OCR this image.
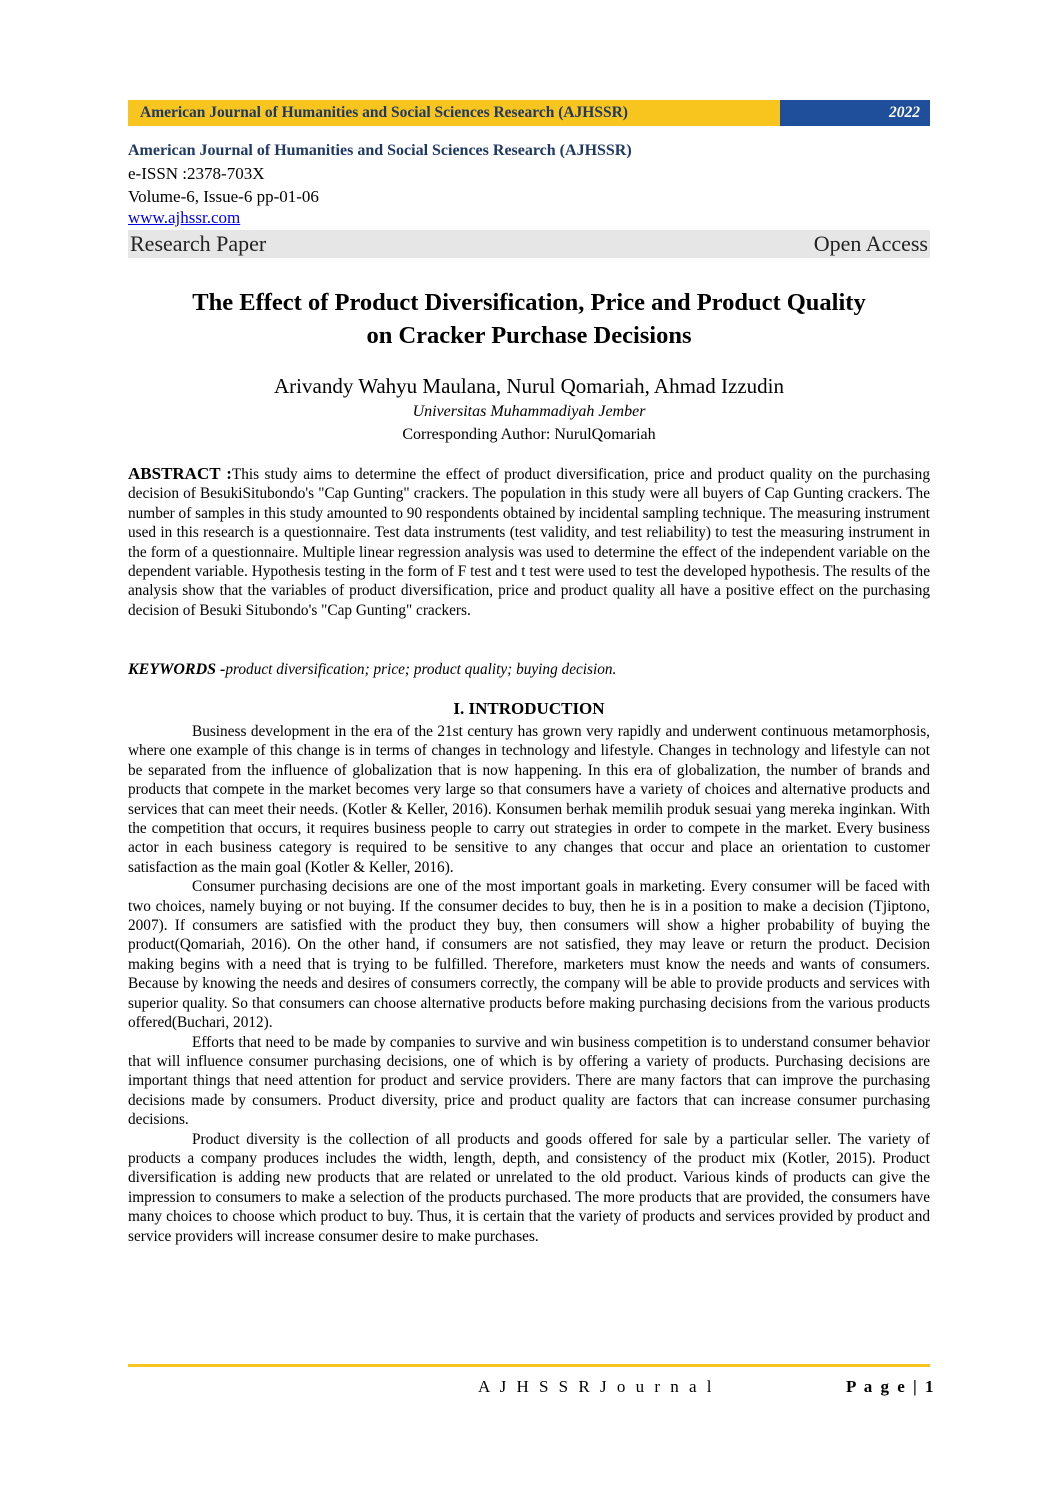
American Journal of Humanities and Social Sciences Research (AJHSSR)	2022
American Journal of Humanities and Social Sciences Research (AJHSSR)
e-ISSN :2378-703X
Volume-6, Issue-6 pp-01-06
www.ajhssr.com
Research Paper	Open Access
The Effect of Product Diversification, Price and Product Quality
on Cracker Purchase Decisions
Arivandy Wahyu Maulana, Nurul Qomariah, Ahmad Izzudin
Universitas Muhammadiyah Jember
Corresponding Author: NurulQomariah
ABSTRACT :This study aims to determine the effect of product diversification, price and product quality on the purchasing decision of BesukiSitubondo's "Cap Gunting" crackers. The population in this study were all buyers of Cap Gunting crackers. The number of samples in this study amounted to 90 respondents obtained by incidental sampling technique. The measuring instrument used in this research is a questionnaire. Test data instruments (test validity, and test reliability) to test the measuring instrument in the form of a questionnaire. Multiple linear regression analysis was used to determine the effect of the independent variable on the dependent variable. Hypothesis testing in the form of F test and t test were used to test the developed hypothesis. The results of the analysis show that the variables of product diversification, price and product quality all have a positive effect on the purchasing decision of Besuki Situbondo's "Cap Gunting" crackers.
KEYWORDS -product diversification; price; product quality; buying decision.
I. INTRODUCTION

Business development in the era of the 21st century has grown very rapidly and underwent continuous metamorphosis, where one example of this change is in terms of changes in technology and lifestyle. Changes in technology and lifestyle can not be separated from the influence of globalization that is now happening. In this era of globalization, the number of brands and products that compete in the market becomes very large so that consumers have a variety of choices and alternative products and services that can meet their needs. (Kotler & Keller, 2016). Konsumen berhak memilih produk sesuai yang mereka inginkan. With the competition that occurs, it requires business people to carry out strategies in order to compete in the market. Every business actor in each business category is required to be sensitive to any changes that occur and place an orientation to customer satisfaction as the main goal (Kotler & Keller, 2016).

Consumer purchasing decisions are one of the most important goals in marketing. Every consumer will be faced with two choices, namely buying or not buying. If the consumer decides to buy, then he is in a position to make a decision (Tjiptono, 2007). If consumers are satisfied with the product they buy, then consumers will show a higher probability of buying the product(Qomariah, 2016). On the other hand, if consumers are not satisfied, they may leave or return the product. Decision making begins with a need that is trying to be fulfilled. Therefore, marketers must know the needs and wants of consumers. Because by knowing the needs and desires of consumers correctly, the company will be able to provide products and services with superior quality. So that consumers can choose alternative products before making purchasing decisions from the various products offered(Buchari, 2012).

Efforts that need to be made by companies to survive and win business competition is to understand consumer behavior that will influence consumer purchasing decisions, one of which is by offering a variety of products. Purchasing decisions are important things that need attention for product and service providers. There are many factors that can improve the purchasing decisions made by consumers. Product diversity, price and product quality are factors that can increase consumer purchasing decisions.

Product diversity is the collection of all products and goods offered for sale by a particular seller. The variety of products a company produces includes the width, length, depth, and consistency of the product mix (Kotler, 2015). Product diversification is adding new products that are related or unrelated to the old product. Various kinds of products can give the impression to consumers to make a selection of the products purchased. The more products that are provided, the consumers have many choices to choose which product to buy. Thus, it is certain that the variety of products and services provided by product and service providers will increase consumer desire to make purchases.

A J H S S R J o u r n a l	P a g e | 1
